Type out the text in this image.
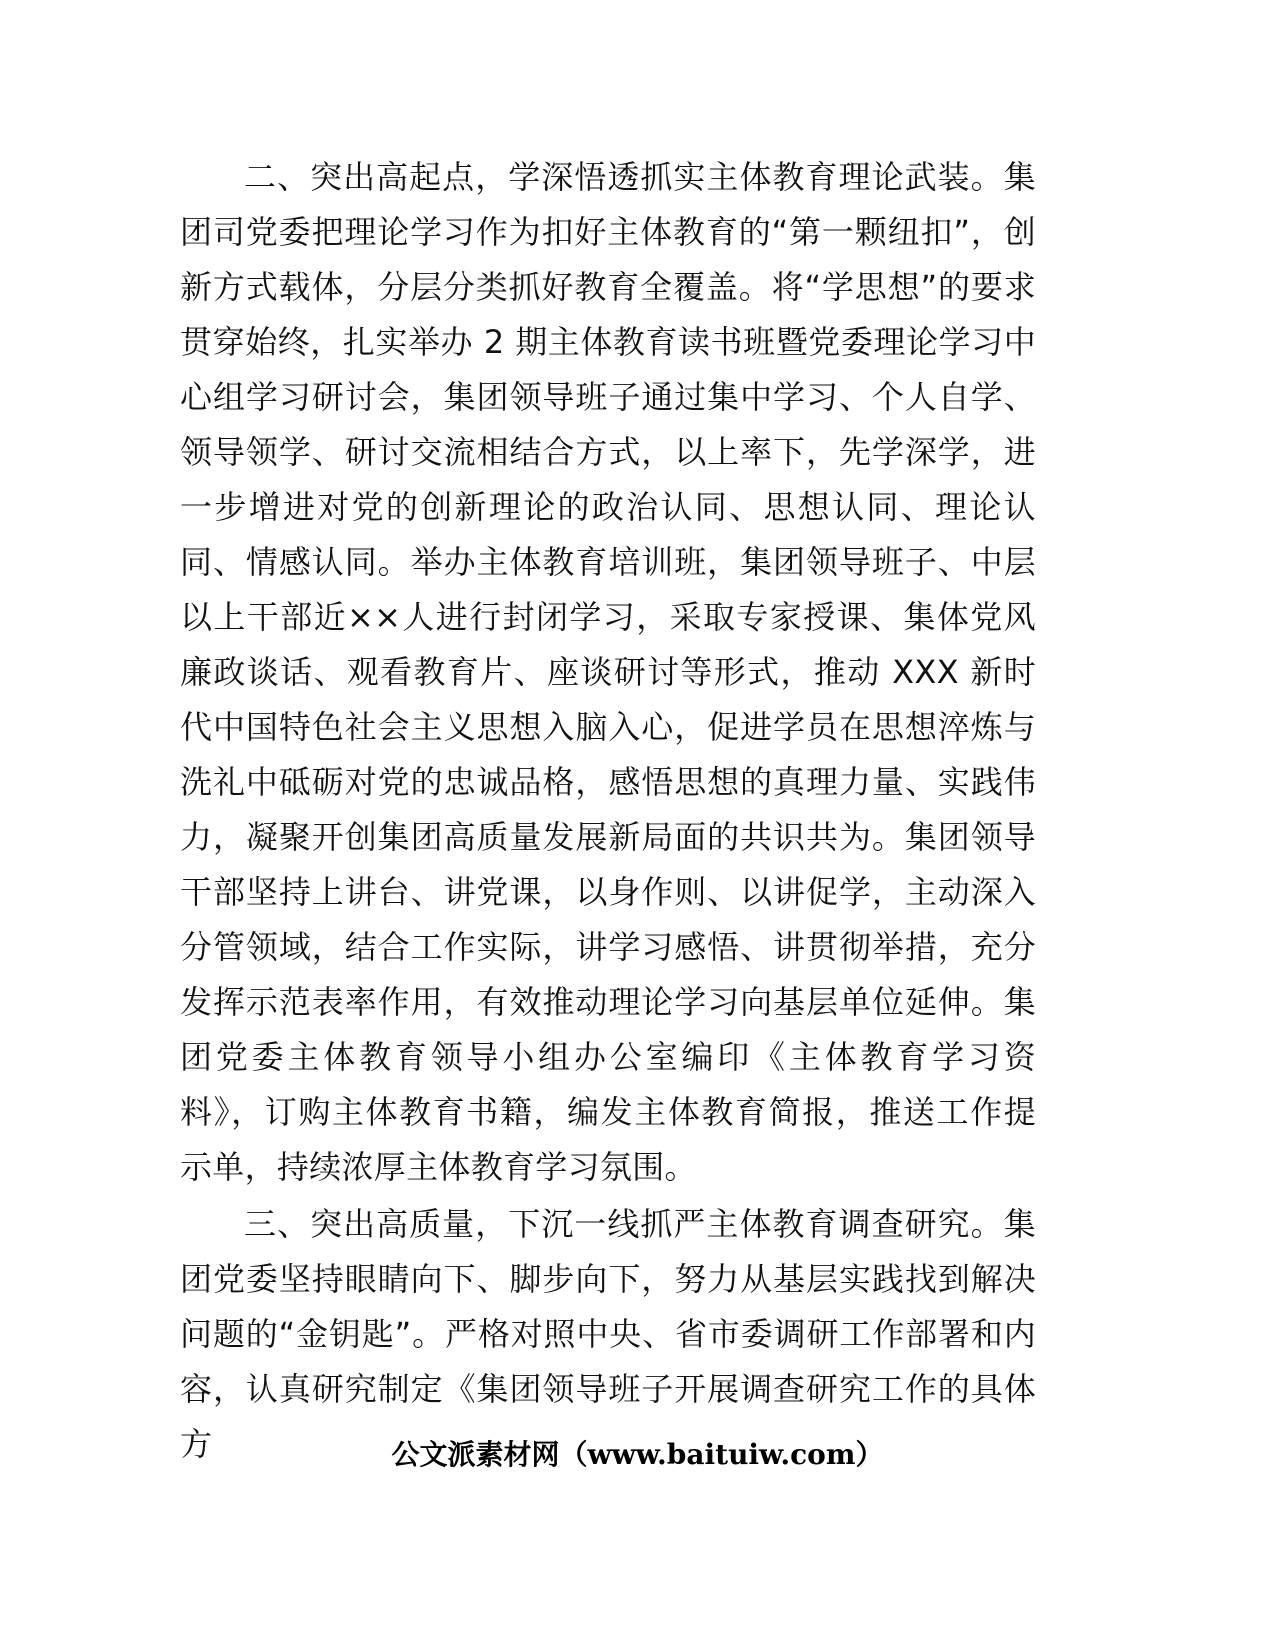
二、突出高起点，学深悟透抓实主体教育理论武装。集团司党委把理论学习作为扣好主体教育的“第一颗纽扣”，创新方式载体，分层分类抓好教育全覆盖。将“学思想”的要求贯穿始终，扎实举办 2 期主体教育读书班暨党委理论学习中心组学习研讨会，集团领导班子通过集中学习、个人自学、领导领学、研讨交流相结合方式，以上率下，先学深学，进一步增进对党的创新理论的政治认同、思想认同、理论认同、情感认同。举办主体教育培训班，集团领导班子、中层以上干部近××人进行封闭学习，采取专家授课、集体党风廉政谈话、观看教育片、座谈研讨等形式，推动 XXX 新时代中国特色社会主义思想入脑入心，促进学员在思想淬炼与洗礼中砥砺对党的忠诚品格，感悟思想的真理力量、实践伟力，凝聚开创集团高质量发展新局面的共识共为。集团领导干部坚持上讲台、讲党课，以身作则、以讲促学，主动深入分管领域，结合工作实际，讲学习感悟、讲贯彻举措，充分发挥示范表率作用，有效推动理论学习向基层单位延伸。集团党委主体教育领导小组办公室编印《主体教育学习资料》，订购主体教育书籍，编发主体教育简报，推送工作提示单，持续浓厚主体教育学习氛围。

三、突出高质量，下沉一线抓严主体教育调查研究。集团党委坚持眼睛向下、脚步向下，努力从基层实践找到解决问题的“金钥匙”。严格对照中央、省市委调研工作部署和内容，认真研究制定《集团领导班子开展调查研究工作的具体方	公文派素材网（www.baituiw.com）
